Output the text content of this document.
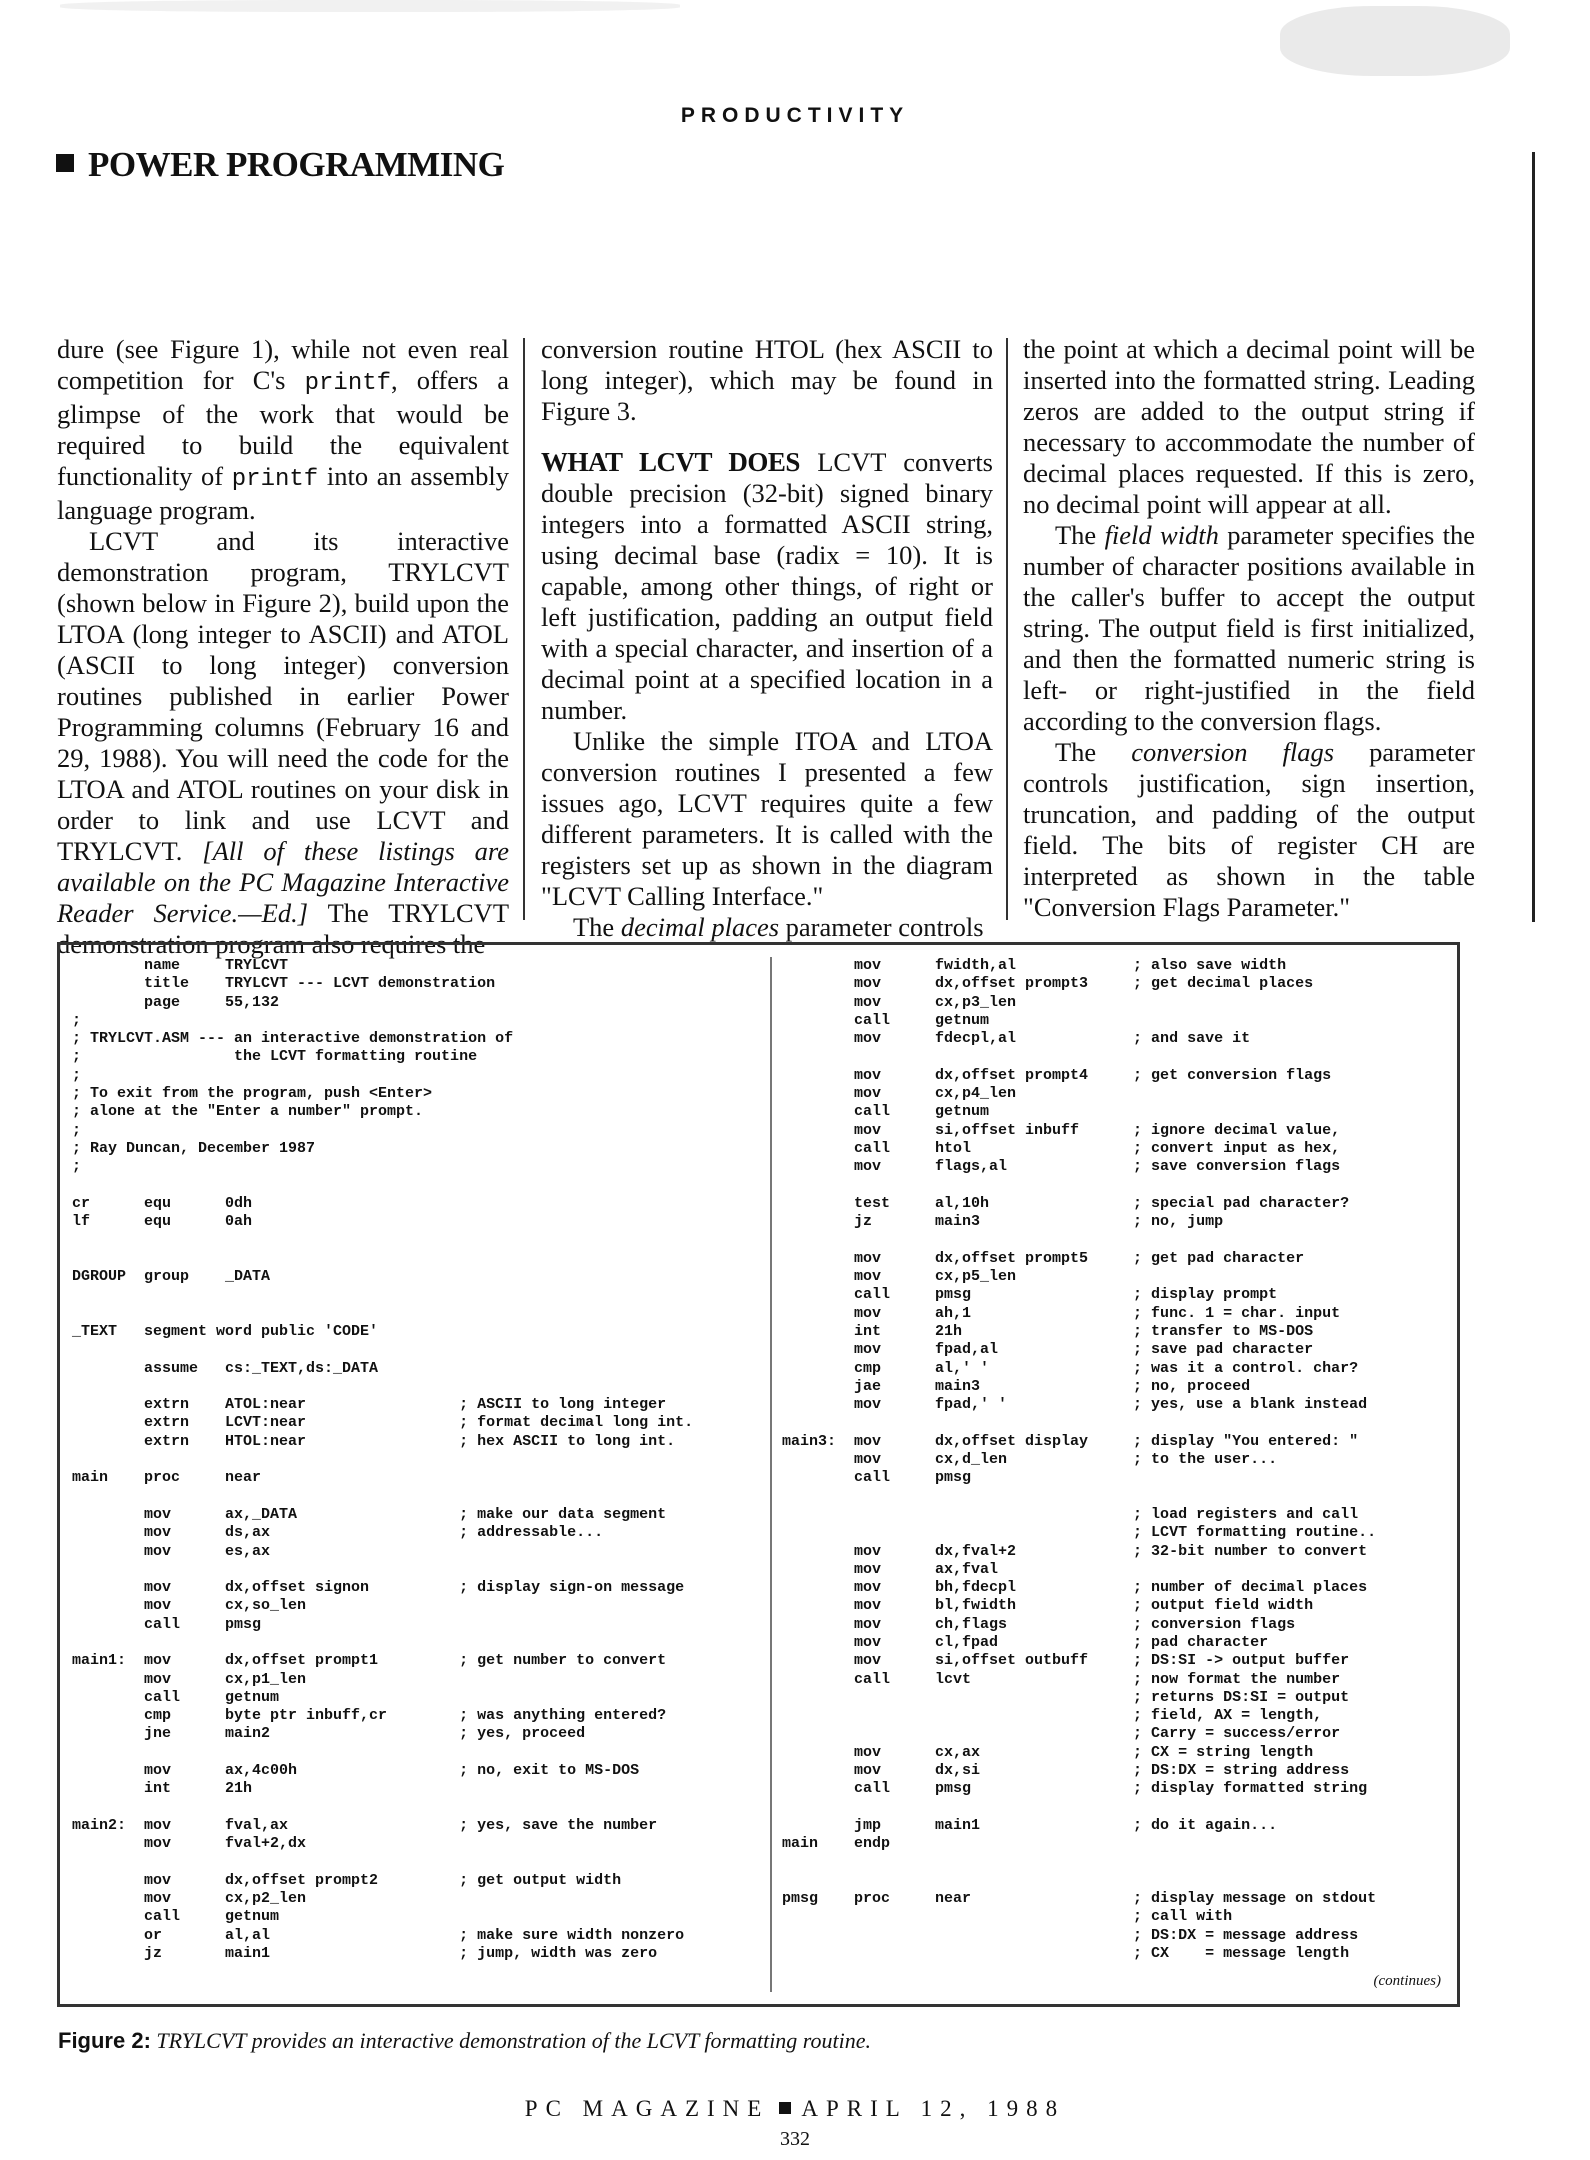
PRODUCTIVITY
POWER PROGRAMMING

dure (see Figure 1), while not even real competition for C's printf, offers a glimpse of the work that would be required to build the equivalent functionality of printf into an assembly language program.

LCVT and its interactive demonstration program, TRYLCVT (shown below in Figure 2), build upon the LTOA (long integer to ASCII) and ATOL (ASCII to long integer) conversion routines published in earlier Power Programming columns (February 16 and 29, 1988). You will need the code for the LTOA and ATOL routines on your disk in order to link and use LCVT and TRYLCVT. [All of these listings are available on the PC Magazine Interactive Reader Service.—Ed.] The TRYLCVT demonstration program also requires the

conversion routine HTOL (hex ASCII to long integer), which may be found in Figure 3.

WHAT LCVT DOES LCVT converts double precision (32-bit) signed binary integers into a formatted ASCII string, using decimal base (radix = 10). It is capable, among other things, of right or left justification, padding an output field with a special character, and insertion of a decimal point at a specified location in a number.

Unlike the simple ITOA and LTOA conversion routines I presented a few issues ago, LCVT requires quite a few different parameters. It is called with the registers set up as shown in the diagram "LCVT Calling Interface."

The decimal places parameter controls

the point at which a decimal point will be inserted into the formatted string. Leading zeros are added to the output string if necessary to accommodate the number of decimal places requested. If this is zero, no decimal point will appear at all.

The field width parameter specifies the number of character positions available in the caller's buffer to accept the output string. The output field is first initialized, and then the formatted numeric string is left- or right-justified in the field according to the conversion flags.

The conversion flags parameter controls justification, sign insertion, truncation, and padding of the output field. The bits of register CH are interpreted as shown in the table "Conversion Flags Parameter."

name     TRYLCVT
title    TRYLCVT --- LCVT demonstration
page     55,132
;
; TRYLCVT.ASM --- an interactive demonstration of
;                 the LCVT formatting routine
;
; To exit from the program, push <Enter>
; alone at the "Enter a number" prompt.
;
; Ray Duncan, December 1987
;

cr      equ      0dh
lf      equ      0ah

DGROUP  group    _DATA

_TEXT   segment word public 'CODE'

assume   cs:_TEXT,ds:_DATA

extrn    ATOL:near                 ; ASCII to long integer
extrn    LCVT:near                 ; format decimal long int.
extrn    HTOL:near                 ; hex ASCII to long int.

main    proc     near

mov      ax,_DATA                  ; make our data segment
mov      ds,ax                     ; addressable...
mov      es,ax

mov      dx,offset signon          ; display sign-on message
mov      cx,so_len
call     pmsg

main1:  mov      dx,offset prompt1         ; get number to convert
mov      cx,p1_len
call     getnum
cmp      byte ptr inbuff,cr        ; was anything entered?
jne      main2                     ; yes, proceed

mov      ax,4c00h                  ; no, exit to MS-DOS
int      21h

main2:  mov      fval,ax                   ; yes, save the number
mov      fval+2,dx

mov      dx,offset prompt2         ; get output width
mov      cx,p2_len
call     getnum
or       al,al                     ; make sure width nonzero
jz       main1                     ; jump, width was zero
mov      fwidth,al             ; also save width
mov      dx,offset prompt3     ; get decimal places
mov      cx,p3_len
call     getnum
mov      fdecpl,al             ; and save it

mov      dx,offset prompt4     ; get conversion flags
mov      cx,p4_len
call     getnum
mov      si,offset inbuff      ; ignore decimal value,
call     htol                  ; convert input as hex,
mov      flags,al              ; save conversion flags

test     al,10h                ; special pad character?
jz       main3                 ; no, jump

mov      dx,offset prompt5     ; get pad character
mov      cx,p5_len
call     pmsg                  ; display prompt
mov      ah,1                  ; func. 1 = char. input
int      21h                   ; transfer to MS-DOS
mov      fpad,al               ; save pad character
cmp      al,' '                ; was it a control. char?
jae      main3                 ; no, proceed
mov      fpad,' '              ; yes, use a blank instead

main3:  mov      dx,offset display     ; display "You entered: "
mov      cx,d_len              ; to the user...
call     pmsg

; load registers and call
; LCVT formatting routine..
mov      dx,fval+2             ; 32-bit number to convert
mov      ax,fval
mov      bh,fdecpl             ; number of decimal places
mov      bl,fwidth             ; output field width
mov      ch,flags              ; conversion flags
mov      cl,fpad               ; pad character
mov      si,offset outbuff     ; DS:SI -> output buffer
call     lcvt                  ; now format the number
; returns DS:SI = output
; field, AX = length,
; Carry = success/error
mov      cx,ax                 ; CX = string length
mov      dx,si                 ; DS:DX = string address
call     pmsg                  ; display formatted string

jmp      main1                 ; do it again...
main    endp

pmsg    proc     near                  ; display message on stdout
; call with
; DS:DX = message address
; CX    = message length
(continues)
Figure 2: TRYLCVT provides an interactive demonstration of the LCVT formatting routine.
PC MAGAZINE APRIL 12, 1988
332
